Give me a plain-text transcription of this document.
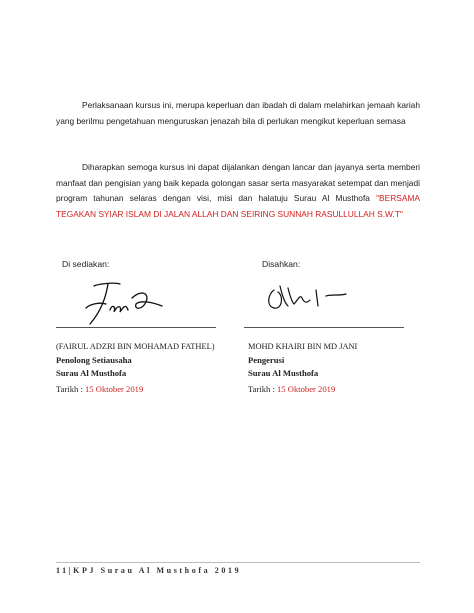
Perlaksanaan kursus ini, merupa keperluan dan ibadah di dalam melahirkan jemaah kariah yang berilmu pengetahuan menguruskan jenazah bila di perlukan mengikut keperluan semasa
Diharapkan semoga kursus ini dapat dijalankan dengan lancar dan jayanya serta memberi manfaat dan pengisian yang baik kepada golongan sasar serta masyarakat setempat dan menjadi program tahunan selaras dengan visi, misi dan halatuju Surau Al Musthofa "BERSAMA TEGAKAN SYIAR ISLAM DI JALAN ALLAH DAN SEIRING SUNNAH RASULLULLAH S.W.T"
Di sediakan:
(FAIRUL ADZRI BIN MOHAMAD FATHEL)
Penolong Setiausaha
Surau Al Musthofa
Tarikh : 15 Oktober 2019
Disahkan:
MOHD KHAIRI BIN MD JANI
Pengerusi
Surau Al Musthofa
Tarikh : 15 Oktober 2019
11|KPJ Surau Al Musthofa 2019
